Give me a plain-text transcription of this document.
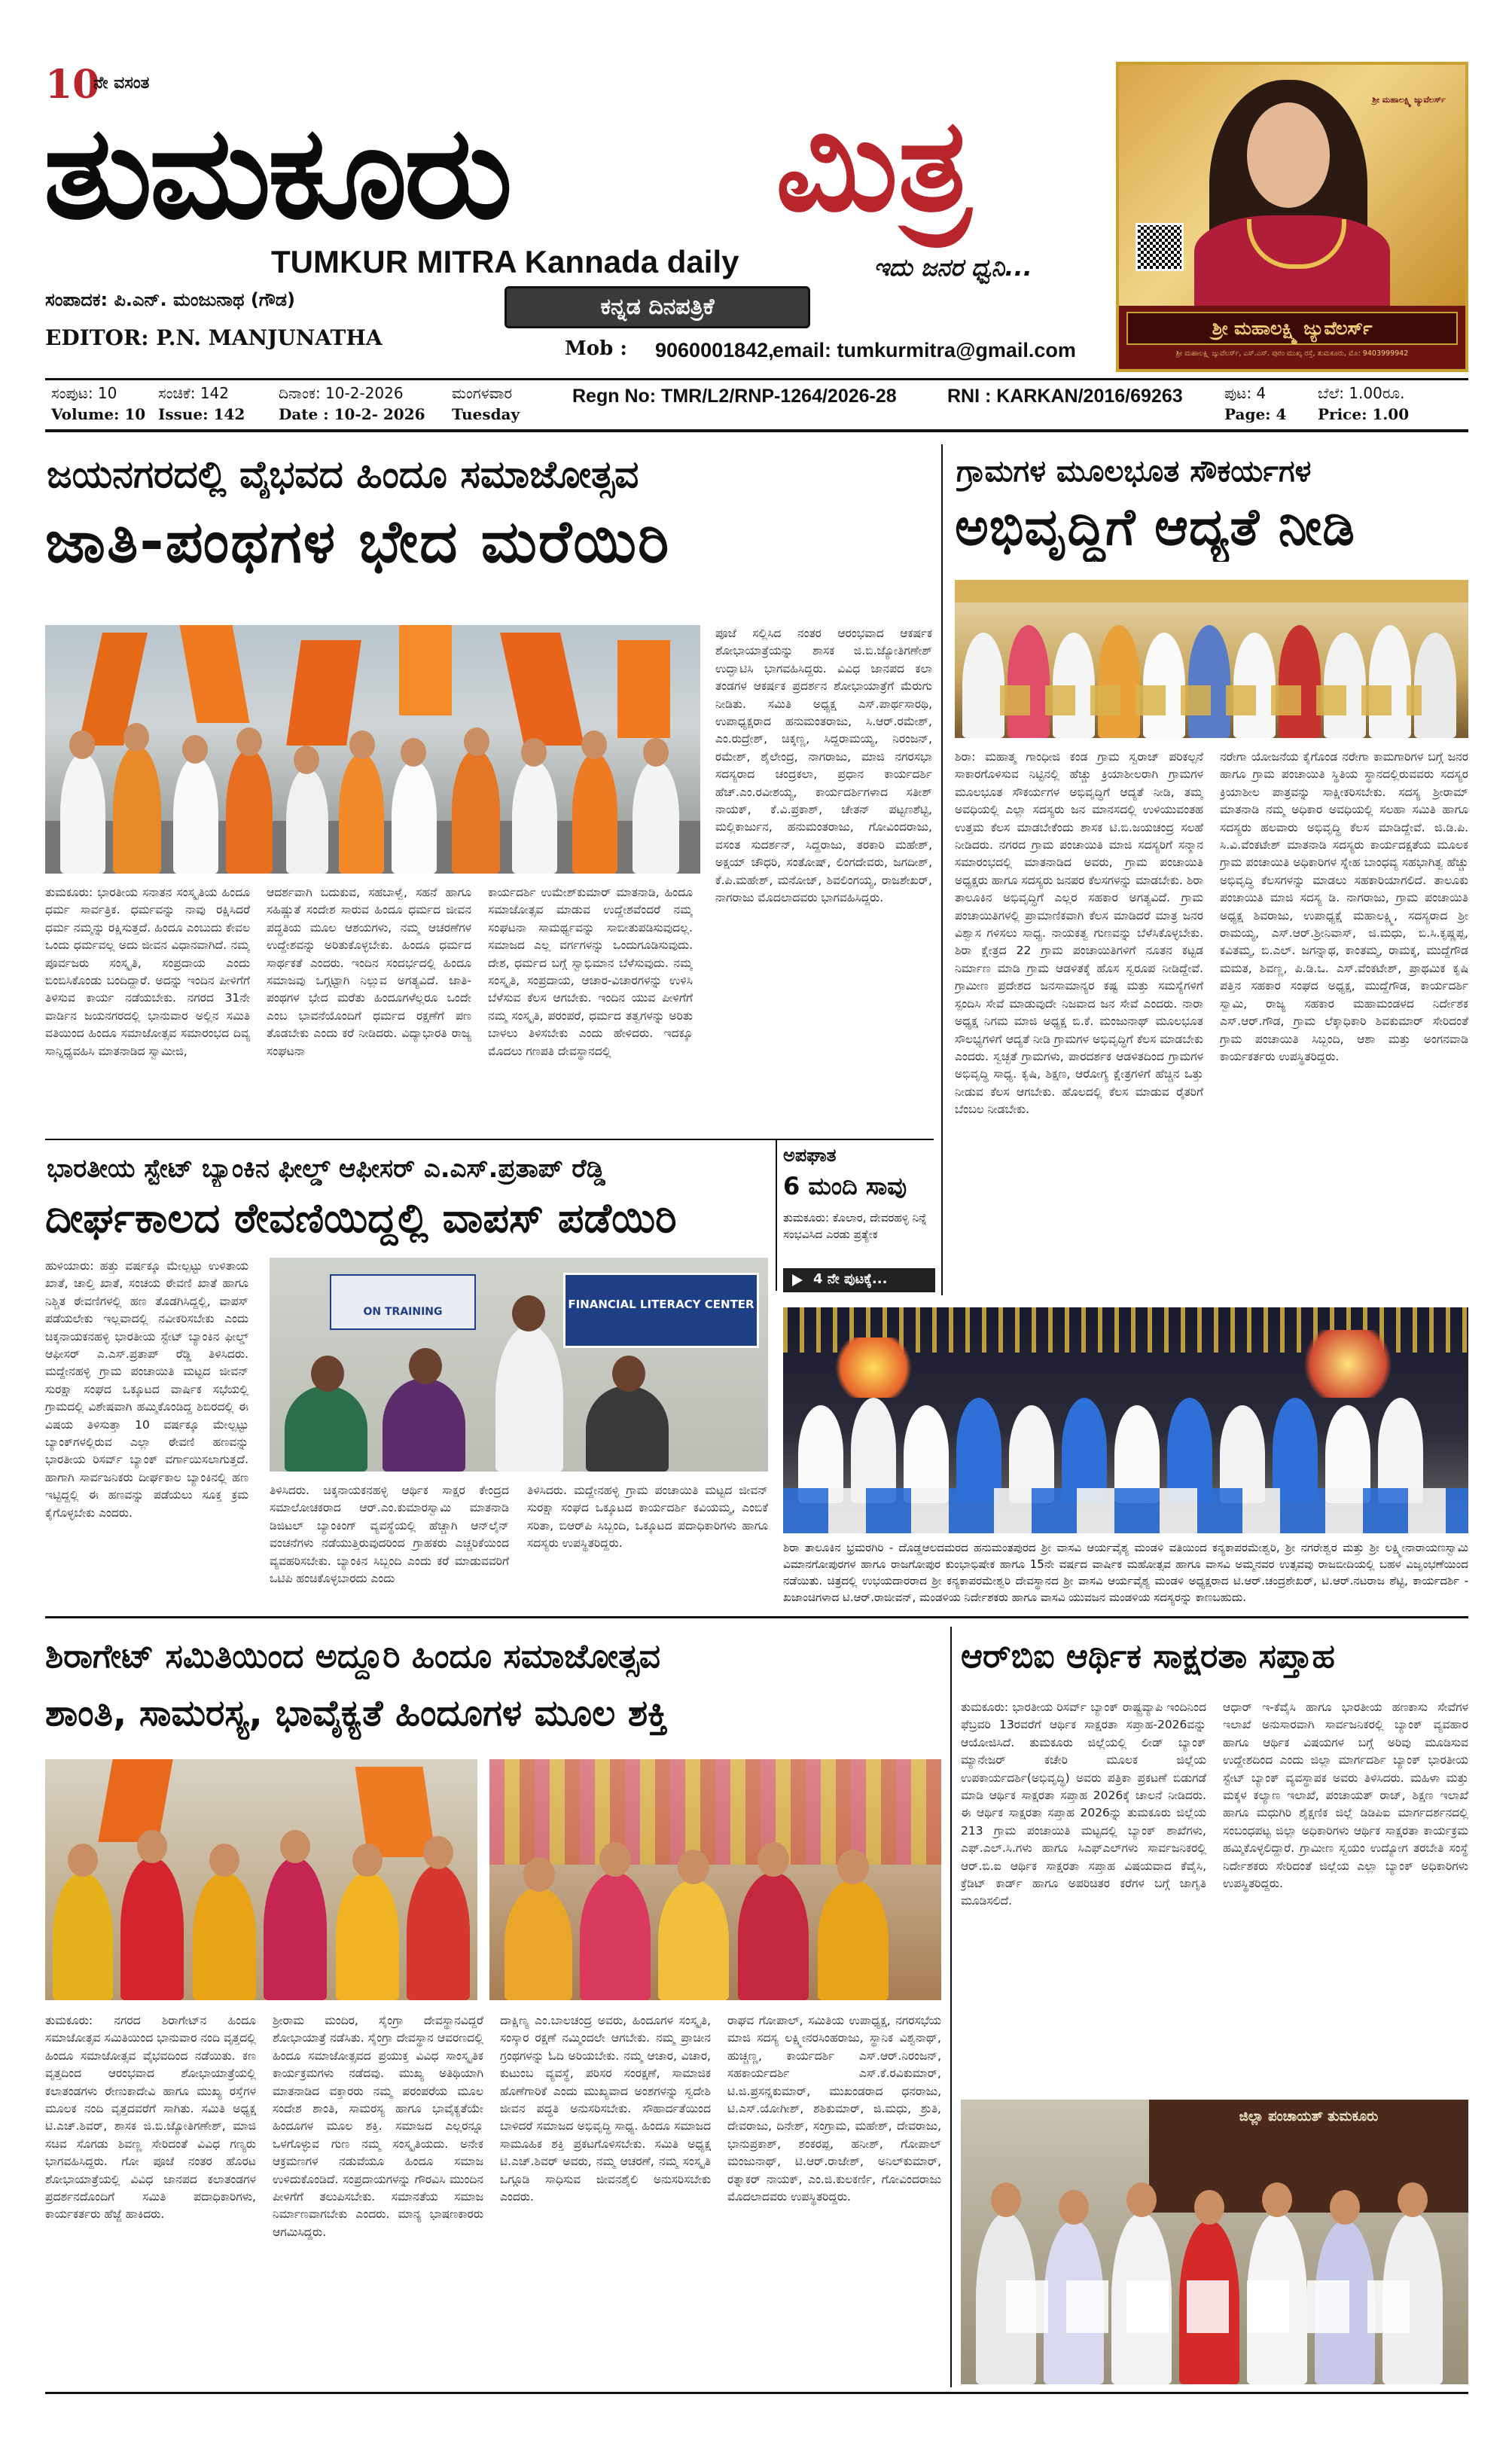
10
ನೇ ವಸಂತ
ತುಮಕೂರು ಮಿತ್ರ
TUMKUR MITRA Kannada daily	ಇದು ಜನರ ಧ್ವನಿ...
ಸಂಪಾದಕ: ಪಿ.ಎನ್. ಮಂಜುನಾಥ (ಗೌಡ)
EDITOR: P.N. MANJUNATHA
ಕನ್ನಡ ದಿನಪತ್ರಿಕೆ
Mob : 9060001842,
email: tumkurmitra@gmail.com
ಶ್ರೀ ಮಹಾಲಕ್ಷ್ಮಿ ಜ್ಯುವೆಲರ್ಸ್
ಶ್ರೀ ಮಹಾಲಕ್ಷ್ಮಿ ಜ್ಯುವೆಲರ್ಸ್
ಶ್ರೀ ಮಹಾಲಕ್ಷ್ಮಿ ಜ್ಯುವೆಲರ್ಸ್, ಎಸ್.ಎಸ್. ಪುರಂ ಮುಖ್ಯ ರಸ್ತೆ, ತುಮಕೂರು, ಮೊ: 9403999942
ಸಂಪುಟ: 10	ಸಂಚಿಕೆ: 142	ದಿನಾಂಕ: 10-2-2026	ಮಂಗಳವಾರ
Volume: 10 Issue: 142 Date : 10-2- 2026 Tuesday
Regn No: TMR/L2/RNP-1264/2026-28	RNI : KARKAN/2016/69263	ಪುಟ: 4	ಬೆಲೆ: 1.00ರೂ.
Page: 4 Price: 1.00
ಜಯನಗರದಲ್ಲಿ ವೈಭವದ ಹಿಂದೂ ಸಮಾಜೋತ್ಸವ
ಜಾತಿ-ಪಂಥಗಳ ಭೇದ ಮರೆಯಿರಿ
ತುಮಕೂರು: ಭಾರತೀಯ ಸನಾತನ ಸಂಸ್ಕೃತಿಯ ಹಿಂದೂ ಧರ್ಮ ಸಾರ್ವತ್ರಿಕ. ಧರ್ಮವನ್ನು ನಾವು ರಕ್ಷಿಸಿದರೆ ಧರ್ಮ ನಮ್ಮನ್ನು ರಕ್ಷಿಸುತ್ತದೆ. ಹಿಂದೂ ಎಂಬುದು ಕೇವಲ ಒಂದು ಧರ್ಮವಲ್ಲ ಅದು ಜೀವನ ವಿಧಾನವಾಗಿದೆ. ನಮ್ಮ ಪೂರ್ವಜರು ಸಂಸ್ಕೃತಿ, ಸಂಪ್ರದಾಯ ಎಂದು ಬಿಂಬಿಸಿಕೊಂಡು ಬಂದಿದ್ದಾರೆ. ಅದನ್ನು ಇಂದಿನ ಪೀಳಿಗೆಗೆ ತಿಳಿಸುವ ಕಾರ್ಯ ನಡೆಯಬೇಕು. ನಗರದ 31ನೇ ವಾರ್ಡಿನ ಜಯನಗರದಲ್ಲಿ ಭಾನುವಾರ ಅಲ್ಲಿನ ಸಮಿತಿ ವತಿಯಿಂದ ಹಿಂದೂ ಸಮಾಜೋತ್ಸವ ಸಮಾರಂಭದ ದಿವ್ಯ ಸಾನ್ನಿಧ್ಯವಹಿಸಿ ಮಾತನಾಡಿದ ಸ್ವಾಮೀಜಿ,
ಆದರ್ಶವಾಗಿ ಬದುಕುವ, ಸಹಬಾಳ್ವೆ, ಸಹನೆ ಹಾಗೂ ಸಹಿಷ್ಣುತೆ ಸಂದೇಶ ಸಾರುವ ಹಿಂದೂ ಧರ್ಮದ ಜೀವನ ಪದ್ಧತಿಯ ಮೂಲ ಆಶಯಗಳು, ನಮ್ಮ ಆಚರಣೆಗಳ ಉದ್ದೇಶವನ್ನು ಅರಿತುಕೊಳ್ಳಬೇಕು. ಹಿಂದೂ ಧರ್ಮದ ಸಾರ್ಥಕತೆ ಎಂದರು. ಇಂದಿನ ಸಂದರ್ಭದಲ್ಲಿ ಹಿಂದೂ ಸಮಾಜವು ಒಗ್ಗಟ್ಟಾಗಿ ನಿಲ್ಲುವ ಅಗತ್ಯವಿದೆ. ಜಾತಿ-ಪಂಥಗಳ ಭೇದ ಮರೆತು ಹಿಂದೂಗಳೆಲ್ಲರೂ ಒಂದೇ ಎಂಬ ಭಾವನೆಯೊಂದಿಗೆ ಧರ್ಮದ ರಕ್ಷಣೆಗೆ ಪಣ ತೊಡಬೇಕು ಎಂದು ಕರೆ ನೀಡಿದರು. ವಿದ್ಯಾಭಾರತಿ ರಾಜ್ಯ ಸಂಘಟನಾ
ಕಾರ್ಯದರ್ಶಿ ಉಮೇಶ್‌ಕುಮಾರ್ ಮಾತನಾಡಿ, ಹಿಂದೂ ಸಮಾಜೋತ್ಸವ ಮಾಡುವ ಉದ್ದೇಶವೆಂದರೆ ನಮ್ಮ ಸಂಘಟನಾ ಸಾಮರ್ಥ್ಯವನ್ನು ಸಾಬೀತುಪಡಿಸುವುದಲ್ಲ. ಸಮಾಜದ ಎಲ್ಲ ವರ್ಗಗಳನ್ನು ಒಂದುಗೂಡಿಸುವುದು. ದೇಶ, ಧರ್ಮದ ಬಗ್ಗೆ ಸ್ವಾಭಿಮಾನ ಬೆಳೆಸುವುದು. ನಮ್ಮ ಸಂಸ್ಕೃತಿ, ಸಂಪ್ರದಾಯ, ಆಚಾರ-ವಿಚಾರಗಳನ್ನು ಉಳಿಸಿ ಬೆಳೆಸುವ ಕೆಲಸ ಆಗಬೇಕು. ಇಂದಿನ ಯುವ ಪೀಳಿಗೆಗೆ ನಮ್ಮ ಸಂಸ್ಕೃತಿ, ಪರಂಪರೆ, ಧರ್ಮದ ತತ್ವಗಳನ್ನು ಅರಿತು ಬಾಳಲು ತಿಳಿಸಬೇಕು ಎಂದು ಹೇಳಿದರು. ಇದಕ್ಕೂ ಮೊದಲು ಗಣಪತಿ ದೇವಸ್ಥಾನದಲ್ಲಿ
ಪೂಜೆ ಸಲ್ಲಿಸಿದ ನಂತರ ಆರಂಭವಾದ ಆಕರ್ಷಕ ಶೋಭಾಯಾತ್ರೆಯನ್ನು ಶಾಸಕ ಜಿ.ಬಿ.ಜ್ಯೋತಿಗಣೇಶ್ ಉದ್ಘಾಟಿಸಿ ಭಾಗವಹಿಸಿದ್ದರು. ವಿವಿಧ ಜಾನಪದ ಕಲಾ ತಂಡಗಳ ಆಕರ್ಷಕ ಪ್ರದರ್ಶನ ಶೋಭಾಯಾತ್ರೆಗೆ ಮೆರುಗು ನೀಡಿತು. ಸಮಿತಿ ಅಧ್ಯಕ್ಷ ಎಸ್.ಪಾರ್ಥಸಾರಥಿ, ಉಪಾಧ್ಯಕ್ಷರಾದ ಹನುಮಂತರಾಜು, ಸಿ.ಆರ್.ರಮೇಶ್, ಎಂ.ರುದ್ರೇಶ್, ಚಿಕ್ಕಣ್ಣ, ಸಿದ್ದರಾಮಯ್ಯ, ನಿರಂಜನ್, ರಮೇಶ್, ಶೈಲೇಂದ್ರ, ನಾಗರಾಜು, ಮಾಜಿ ನಗರಸಭಾ ಸದಸ್ಯರಾದ ಚಂದ್ರಕಲಾ, ಪ್ರಧಾನ ಕಾರ್ಯದರ್ಶಿ ಹೆಚ್.ಎಂ.ರವೀಶಯ್ಯ, ಕಾರ್ಯದರ್ಶಿಗಳಾದ ಸತೀಶ್ ನಾಯಕ್, ಕೆ.ವಿ.ಪ್ರಕಾಶ್, ಚೇತನ್ ಪಟ್ಟಣಶೆಟ್ಟಿ, ಮಲ್ಲಿಕಾರ್ಜುನ, ಹನುಮಂತರಾಜು, ಗೋವಿಂದರಾಜು, ವಸಂತ ಸುದರ್ಶನ್, ಸಿದ್ದರಾಜು, ತರಕಾರಿ ಮಹೇಶ್, ಅಕ್ಷಯ್ ಚೌಧರಿ, ಸಂತೋಷ್, ಲಿಂಗದೇವರು, ಜಗದೀಶ್, ಕೆ.ಪಿ.ಮಹೇಶ್, ಮನೋಜ್, ಶಿವಲಿಂಗಯ್ಯ, ರಾಜಶೇಖರ್, ನಾಗರಾಜು ಮೊದಲಾದವರು ಭಾಗವಹಿಸಿದ್ದರು.
ಗ್ರಾಮಗಳ ಮೂಲಭೂತ ಸೌಕರ್ಯಗಳ
ಅಭಿವೃದ್ಧಿಗೆ ಆದ್ಯತೆ ನೀಡಿ
ಶಿರಾ: ಮಹಾತ್ಮ ಗಾಂಧೀಜಿ ಕಂಡ ಗ್ರಾಮ ಸ್ವರಾಜ್ ಪರಿಕಲ್ಪನೆ ಸಾಕಾರಗೊಳಿಸುವ ನಿಟ್ಟಿನಲ್ಲಿ ಹೆಚ್ಚು ಕ್ರಿಯಾಶೀಲರಾಗಿ ಗ್ರಾಮಗಳ ಮೂಲಭೂತ ಸೌಕರ್ಯಗಳ ಅಭಿವೃದ್ಧಿಗೆ ಆದ್ಯತೆ ನೀಡಿ, ತಮ್ಮ ಅವಧಿಯಲ್ಲಿ ಎಲ್ಲಾ ಸದಸ್ಯರು ಜನ ಮಾನಸದಲ್ಲಿ ಉಳಿಯುವಂತಹ ಉತ್ತಮ ಕೆಲಸ ಮಾಡಬೇಕೆಂದು ಶಾಸಕ ಟಿ.ಬಿ.ಜಯಚಂದ್ರ ಸಲಹೆ ನೀಡಿದರು. ನಗರದ ಗ್ರಾಮ ಪಂಚಾಯಿತಿ ಮಾಜಿ ಸದಸ್ಯರಿಗೆ ಸನ್ಮಾನ ಸಮಾರಂಭದಲ್ಲಿ ಮಾತನಾಡಿದ ಅವರು, ಗ್ರಾಮ ಪಂಚಾಯಿತಿ ಅಧ್ಯಕ್ಷರು ಹಾಗೂ ಸದಸ್ಯರು ಜನಪರ ಕೆಲಸಗಳನ್ನು ಮಾಡಬೇಕು. ಶಿರಾ ತಾಲೂಕಿನ ಅಭಿವೃದ್ಧಿಗೆ ಎಲ್ಲರ ಸಹಕಾರ ಅಗತ್ಯವಿದೆ. ಗ್ರಾಮ ಪಂಚಾಯಿತಿಗಳಲ್ಲಿ ಪ್ರಾಮಾಣಿಕವಾಗಿ ಕೆಲಸ ಮಾಡಿದರೆ ಮಾತ್ರ ಜನರ ವಿಶ್ವಾಸ ಗಳಿಸಲು ಸಾಧ್ಯ. ನಾಯಕತ್ವ ಗುಣವನ್ನು ಬೆಳೆಸಿಕೊಳ್ಳಬೇಕು. ಶಿರಾ ಕ್ಷೇತ್ರದ 22 ಗ್ರಾಮ ಪಂಚಾಯಿತಿಗಳಿಗೆ ನೂತನ ಕಟ್ಟಡ ನಿರ್ಮಾಣ ಮಾಡಿ ಗ್ರಾಮ ಆಡಳಿತಕ್ಕೆ ಹೊಸ ಸ್ವರೂಪ ನೀಡಿದ್ದೇವೆ. ಗ್ರಾಮೀಣ ಪ್ರದೇಶದ ಜನಸಾಮಾನ್ಯರ ಕಷ್ಟ ಮತ್ತು ಸಮಸ್ಯೆಗಳಿಗೆ ಸ್ಪಂದಿಸಿ ಸೇವೆ ಮಾಡುವುದೇ ನಿಜವಾದ ಜನ ಸೇವೆ ಎಂದರು. ನಾರಾ ಅಧ್ಯಕ್ಷ ನಿಗಮ ಮಾಜಿ ಅಧ್ಯಕ್ಷ ಬಿ.ಕೆ. ಮಂಜುನಾಥ್ ಮೂಲಭೂತ ಸೌಲಭ್ಯಗಳಿಗೆ ಆದ್ಯತೆ ನೀಡಿ ಗ್ರಾಮಗಳ ಅಭಿವೃದ್ಧಿಗೆ ಕೆಲಸ ಮಾಡಬೇಕು ಎಂದರು. ಸ್ವಚ್ಛತೆ ಗ್ರಾಮಗಳು, ಪಾರದರ್ಶಕ ಆಡಳಿತದಿಂದ ಗ್ರಾಮಗಳ ಅಭಿವೃದ್ಧಿ ಸಾಧ್ಯ. ಕೃಷಿ, ಶಿಕ್ಷಣ, ಆರೋಗ್ಯ ಕ್ಷೇತ್ರಗಳಿಗೆ ಹೆಚ್ಚಿನ ಒತ್ತು ನೀಡುವ ಕೆಲಸ ಆಗಬೇಕು. ಹೊಲದಲ್ಲಿ ಕೆಲಸ ಮಾಡುವ ರೈತರಿಗೆ ಬೆಂಬಲ ನೀಡಬೇಕು.
ನರೇಗಾ ಯೋಜನೆಯ ಕೈಗೊಂಡ ನರೇಗಾ ಕಾಮಗಾರಿಗಳ ಬಗ್ಗೆ ಜನರ ಹಾಗೂ ಗ್ರಾಮ ಪಂಚಾಯಿತಿ ಸ್ಥಿತಿಯ ಸ್ಥಾನದಲ್ಲಿರುವವರು ಸದಸ್ಯರ ಕ್ರಿಯಾಶೀಲ ಪಾತ್ರವನ್ನು ಸಾಕ್ಷೀಕರಿಸಬೇಕು. ಸದಸ್ಯ ಶ್ರೀರಾಮ್ ಮಾತನಾಡಿ ನಮ್ಮ ಅಧಿಕಾರ ಅವಧಿಯಲ್ಲಿ ಸಲಹಾ ಸಮಿತಿ ಹಾಗೂ ಸದಸ್ಯರು ಹಲವಾರು ಅಭಿವೃದ್ಧಿ ಕೆಲಸ ಮಾಡಿದ್ದೇವೆ. ಜಿ.ಡಿ.ಪಿ. ಸಿ.ವಿ.ವೆಂಕಟೇಶ್ ಮಾತನಾಡಿ ಸದಸ್ಯರು ಕಾರ್ಯದಕ್ಷತೆಯ ಮೂಲಕ ಗ್ರಾಮ ಪಂಚಾಯಿತಿ ಅಧಿಕಾರಿಗಳ ಸ್ನೇಹ ಬಾಂಧವ್ಯ ಸಹಭಾಗಿತ್ವ ಹೆಚ್ಚು ಅಭಿವೃದ್ಧಿ ಕೆಲಸಗಳನ್ನು ಮಾಡಲು ಸಹಕಾರಿಯಾಗಲಿದೆ. ತಾಲೂಕು ಪಂಚಾಯಿತಿ ಮಾಜಿ ಸದಸ್ಯ ಡಿ. ನಾಗರಾಜು, ಗ್ರಾಮ ಪಂಚಾಯಿತಿ ಅಧ್ಯಕ್ಷ ಶಿವರಾಜು, ಉಪಾಧ್ಯಕ್ಷೆ ಮಹಾಲಕ್ಷ್ಮಿ, ಸದಸ್ಯರಾದ ಶ್ರೀ ರಾಮಯ್ಯ, ಎಸ್.ಆರ್.ಶ್ರೀನಿವಾಸ್, ಜಿ.ಮಧು, ಬಿ.ಸಿ.ಕೃಷ್ಣಪ್ಪ, ಕವಿತಮ್ಮ, ಬಿ.ಎಲ್. ಜಗನ್ನಾಥ, ಕಾಂತಮ್ಮ, ರಾಮಕ್ಕ, ಮುದ್ದೆಗೌಡ ಮಮತ, ಶಿವಣ್ಣ, ಪಿ.ಡಿ.ಒ. ಎಸ್.ವೆಂಕಟೇಶ್, ಪ್ರಾಥಮಿಕ ಕೃಷಿ ಪತ್ತಿನ ಸಹಕಾರ ಸಂಘದ ಅಧ್ಯಕ್ಷ, ಮುದ್ದೆಗೌಡ, ಕಾರ್ಯದರ್ಶಿ ಸ್ವಾಮಿ, ರಾಜ್ಯ ಸಹಕಾರ ಮಹಾಮಂಡಳದ ನಿರ್ದೇಶಕ ಎಸ್.ಆರ್.ಗೌಡ, ಗ್ರಾಮ ಲೆಕ್ಕಾಧಿಕಾರಿ ಶಿವಕುಮಾರ್ ಸೇರಿದಂತೆ ಗ್ರಾಮ ಪಂಚಾಯಿತಿ ಸಿಬ್ಬಂದಿ, ಆಶಾ ಮತ್ತು ಅಂಗನವಾಡಿ ಕಾರ್ಯಕರ್ತರು ಉಪಸ್ಥಿತರಿದ್ದರು.
ಭಾರತೀಯ ಸ್ಟೇಟ್ ಬ್ಯಾಂಕಿನ ಫೀಲ್ಡ್ ಆಫೀಸರ್ ಎ.ಎಸ್.ಪ್ರತಾಪ್ ರೆಡ್ಡಿ
ದೀರ್ಘಕಾಲದ ಠೇವಣಿಯಿದ್ದಲ್ಲಿ ವಾಪಸ್ ಪಡೆಯಿರಿ
ಹುಳಿಯಾರು: ಹತ್ತು ವರ್ಷಕ್ಕೂ ಮೇಲ್ಪಟ್ಟು ಉಳಿತಾಯ ಖಾತೆ, ಚಾಲ್ತಿ ಖಾತೆ, ಸಂಚಯ ಠೇವಣಿ ಖಾತೆ ಹಾಗೂ ನಿಶ್ಚಿತ ಠೇವಣಿಗಳಲ್ಲಿ ಹಣ ತೊಡಗಿಸಿದ್ದಲ್ಲಿ, ವಾಪಸ್ ಪಡೆಯಲೇಕು ಇಲ್ಲವಾದಲ್ಲಿ ನವೀಕರಿಸಬೇಕು ಎಂದು ಚಿಕ್ಕನಾಯಕನಹಳ್ಳಿ ಭಾರತೀಯ ಸ್ಟೇಟ್ ಬ್ಯಾಂಕಿನ ಫೀಲ್ಡ್ ಆಫೀಸರ್ ಎ.ಎಸ್.ಪ್ರತಾಪ್ ರೆಡ್ಡಿ ತಿಳಿಸಿದರು. ಮದ್ದೇನಹಳ್ಳಿ ಗ್ರಾಮ ಪಂಚಾಯಿತಿ ಮಟ್ಟದ ಜೀವನ್ ಸುರಕ್ಷಾ ಸಂಘದ ಒಕ್ಕೂಟದ ವಾರ್ಷಿಕ ಸಭೆಯಲ್ಲಿ ಗ್ರಾಮದಲ್ಲಿ ವಿಶೇಷವಾಗಿ ಹಮ್ಮಿಕೊಂಡಿದ್ದ ಶಿಬಿರದಲ್ಲಿ ಈ ವಿಷಯ ತಿಳಿಸುತ್ತಾ 10 ವರ್ಷಕ್ಕೂ ಮೇಲ್ಪಟ್ಟು ಬ್ಯಾಂಕ್‌ಗಳಲ್ಲಿರುವ ಎಲ್ಲಾ ಠೇವಣಿ ಹಣವನ್ನು ಭಾರತೀಯ ರಿಸರ್ವ್ ಬ್ಯಾಂಕ್ ವರ್ಗಾಯಿಸಲಾಗುತ್ತದೆ. ಹಾಗಾಗಿ ಸಾರ್ವಜನಿಕರು ದೀರ್ಘಕಾಲ ಬ್ಯಾಂಕಿನಲ್ಲಿ ಹಣ ಇಟ್ಟಿದ್ದಲ್ಲಿ ಈ ಹಣವನ್ನು ಪಡೆಯಲು ಸೂಕ್ತ ಕ್ರಮ ಕೈಗೊಳ್ಳಬೇಕು ಎಂದರು.
FINANCIAL LITERACY CENTER
ON TRAINING
ತಿಳಿಸಿದರು. ಚಿಕ್ಕನಾಯಕನಹಳ್ಳಿ ಆರ್ಥಿಕ ಸಾಕ್ಷರ ಕೇಂದ್ರದ ಸಮಾಲೋಚಕರಾದ ಆರ್.ಎಂ.ಕುಮಾರಸ್ವಾಮಿ ಮಾತನಾಡಿ ಡಿಜಿಟಲ್ ಬ್ಯಾಂಕಿಂಗ್ ವ್ಯವಸ್ಥೆಯಲ್ಲಿ ಹೆಚ್ಚಾಗಿ ಆನ್‌ಲೈನ್ ವಂಚನೆಗಳು ನಡೆಯುತ್ತಿರುವುದರಿಂದ ಗ್ರಾಹಕರು ಎಚ್ಚರಿಕೆಯಿಂದ ವ್ಯವಹರಿಸಬೇಕು. ಬ್ಯಾಂಕಿನ ಸಿಬ್ಬಂದಿ ಎಂದು ಕರೆ ಮಾಡುವವರಿಗೆ ಒಟಿಪಿ ಹಂಚಿಕೊಳ್ಳಬಾರದು ಎಂದು
ತಿಳಿಸಿದರು. ಮದ್ದೇನಹಳ್ಳಿ ಗ್ರಾಮ ಪಂಚಾಯಿತಿ ಮಟ್ಟದ ಜೀವನ್ ಸುರಕ್ಷಾ ಸಂಘದ ಒಕ್ಕೂಟದ ಕಾರ್ಯದರ್ಶಿ ಕವಿಯಮ್ಮ, ಎಂಬಿಕೆ ಸರಿತಾ, ಬಿಆರ್‌ಪಿ ಸಿಬ್ಬಂದಿ, ಒಕ್ಕೂಟದ ಪದಾಧಿಕಾರಿಗಳು ಹಾಗೂ ಸದಸ್ಯರು ಉಪಸ್ಥಿತರಿದ್ದರು.
ಅಪಘಾತ
6 ಮಂದಿ ಸಾವು
ತುಮಕೂರು: ಕೊಲಾರ, ದೇವರಹಳ್ಳಿ ನಿನ್ನೆ ಸಂಭವಿಸಿದ ಎರಡು ಪ್ರತ್ಯೇಕ
4 ನೇ ಪುಟಕ್ಕೆ...
ಶಿರಾ ತಾಲೂಕಿನ ಭ್ರಮರಗಿರಿ - ದೊಡ್ಡಆಲದಮರದ ಹನುಮಂತಪುರದ ಶ್ರೀ ವಾಸವಿ ಆರ್ಯವೈಶ್ಯ ಮಂಡಳಿ ವತಿಯಿಂದ ಕನ್ಯಕಾಪರಮೇಶ್ವರಿ, ಶ್ರೀ ನಗರೇಶ್ವರ ಮತ್ತು ಶ್ರೀ ಲಕ್ಷ್ಮೀನಾರಾಯಣಸ್ವಾಮಿ ವಿಮಾನಗೋಪುರಗಳ ಹಾಗೂ ರಾಜಗೋಪುರ ಕುಂಭಾಭಿಷೇಕ ಹಾಗೂ 15ನೇ ವರ್ಷದ ವಾರ್ಷಿಕ ಮಹೋತ್ಸವ ಹಾಗೂ ವಾಸವಿ ಅಮ್ಮನವರ ಉತ್ಸವವು ರಾಜಬೀದಿಯಲ್ಲಿ ಬಹಳ ವಿಜೃಂಭಣೆಯಿಂದ ನಡೆಯಿತು. ಚಿತ್ರದಲ್ಲಿ ಉಭಯದಾರರಾದ ಶ್ರೀ ಕನ್ಯಕಾಪರಮೇಶ್ವರಿ ದೇವಸ್ಥಾನದ ಶ್ರೀ ವಾಸವಿ ಆರ್ಯವೈಶ್ಯ ಮಂಡಳಿ ಅಧ್ಯಕ್ಷರಾದ ಟಿ.ಆರ್.ಚಂದ್ರಶೇಖರ್, ಟಿ.ಆರ್.ನಟರಾಜ ಶೆಟ್ಟಿ, ಕಾರ್ಯದರ್ಶಿ - ಖಜಾಂಚಿಗಳಾದ ಟಿ.ಆರ್.ರಾಜೀವನ್, ಮಂಡಳಿಯ ನಿರ್ದೇಶಕರು ಹಾಗೂ ವಾಸವಿ ಯುವಜನ ಮಂಡಳಿಯ ಸದಸ್ಯರನ್ನು ಕಾಣಬಹುದು.
ಶಿರಾಗೇಟ್ ಸಮಿತಿಯಿಂದ ಅದ್ದೂರಿ ಹಿಂದೂ ಸಮಾಜೋತ್ಸವ
ಶಾಂತಿ, ಸಾಮರಸ್ಯ, ಭಾವೈಕ್ಯತೆ ಹಿಂದೂಗಳ ಮೂಲ ಶಕ್ತಿ
ತುಮಕೂರು: ನಗರದ ಶಿರಾಗೇಟ್‌ನ ಹಿಂದೂ ಸಮಾಜೋತ್ಸವ ಸಮಿತಿಯಿಂದ ಭಾನುವಾರ ನಂದಿ ವೃತ್ತದಲ್ಲಿ ಹಿಂದೂ ಸಮಾಜೋತ್ಸವ ವೈಭವದಿಂದ ನಡೆಯಿತು. ಕಣ ವೃತ್ತದಿಂದ ಆರಂಭವಾದ ಶೋಭಾಯಾತ್ರೆಯಲ್ಲಿ ಕಲಾತಂಡಗಳು ರೇಣುಕಾದೇವಿ ಹಾಗೂ ಮುಖ್ಯ ರಸ್ತೆಗಳ ಮೂಲಕ ನಂದಿ ವೃತ್ತದವರೆಗೆ ಸಾಗಿತು. ಸಮಿತಿ ಅಧ್ಯಕ್ಷ ಟಿ.ಎಚ್.ಶಿವರ್, ಶಾಸಕ ಜಿ.ಬಿ.ಜ್ಯೋತಿಗಣೇಶ್, ಮಾಜಿ ಸಚಿವ ಸೊಗಡು ಶಿವಣ್ಣ ಸೇರಿದಂತೆ ವಿವಿಧ ಗಣ್ಯರು ಭಾಗವಹಿಸಿದ್ದರು. ಗೋ ಪೂಜೆ ನಂತರ ಹೊರಟ ಶೋಭಾಯಾತ್ರೆಯಲ್ಲಿ ವಿವಿಧ ಜಾನಪದ ಕಲಾತಂಡಗಳ ಪ್ರದರ್ಶನದೊಂದಿಗೆ ಸಮಿತಿ ಪದಾಧಿಕಾರಿಗಳು, ಕಾರ್ಯಕರ್ತರು ಹೆಜ್ಜೆ ಹಾಕಿದರು.
ಶ್ರೀರಾಮ ಮಂದಿರ, ಸೈಂಗ್ರಾ ದೇವಸ್ಥಾನವಿದ್ದರೆ ಶೋಭಾಯಾತ್ರೆ ನಡೆಸಿತು. ಸೈಂಗ್ರಾ ದೇವಸ್ಥಾನ ಆವರಣದಲ್ಲಿ ಹಿಂದೂ ಸಮಾಜೋತ್ಸವದ ಪ್ರಯುಕ್ತ ವಿವಿಧ ಸಾಂಸ್ಕೃತಿಕ ಕಾರ್ಯಕ್ರಮಗಳು ನಡೆದವು. ಮುಖ್ಯ ಅತಿಥಿಯಾಗಿ ಮಾತನಾಡಿದ ವಕ್ತಾರರು ನಮ್ಮ ಪರಂಪರೆಯ ಮೂಲ ಸಂದೇಶ ಶಾಂತಿ, ಸಾಮರಸ್ಯ ಹಾಗೂ ಭಾವೈಕ್ಯತೆಯೇ ಹಿಂದೂಗಳ ಮೂಲ ಶಕ್ತಿ. ಸಮಾಜದ ಎಲ್ಲರನ್ನೂ ಒಳಗೊಳ್ಳುವ ಗುಣ ನಮ್ಮ ಸಂಸ್ಕೃತಿಯದು. ಅನೇಕ ಆಕ್ರಮಣಗಳ ನಡುವೆಯೂ ಹಿಂದೂ ಸಮಾಜ ಉಳಿದುಕೊಂಡಿದೆ. ಸಂಪ್ರದಾಯಗಳನ್ನು ಗೌರವಿಸಿ ಮುಂದಿನ ಪೀಳಿಗೆಗೆ ತಲುಪಿಸಬೇಕು. ಸಮಾನತೆಯ ಸಮಾಜ ನಿರ್ಮಾಣವಾಗಬೇಕು ಎಂದರು. ಮಾನ್ಯ ಭಾಷಣಕಾರರು ಆಗಮಿಸಿದ್ದರು.
ದಾಕ್ಷಿಣ್ಯ ಎಂ.ಬಾಲಚಂದ್ರ ಅವರು, ಹಿಂದೂಗಳ ಸಂಸ್ಕೃತಿ, ಸಂಸ್ಕಾರ ರಕ್ಷಣೆ ನಮ್ಮಿಂದಲೇ ಆಗಬೇಕು. ನಮ್ಮ ಪ್ರಾಚೀನ ಗ್ರಂಥಗಳನ್ನು ಓದಿ ಅರಿಯಬೇಕು. ನಮ್ಮ ಆಚಾರ, ವಿಚಾರ, ಕುಟುಂಬ ವ್ಯವಸ್ಥೆ, ಪರಿಸರ ಸಂರಕ್ಷಣೆ, ಸಾಮಾಜಿಕ ಹೊಣೆಗಾರಿಕೆ ಎಂದು ಮುಖ್ಯವಾದ ಅಂಶಗಳನ್ನು ಸ್ವದೇಶಿ ಜೀವನ ಪದ್ಧತಿ ಅನುಸರಿಸಬೇಕು. ಸೌಹಾರ್ದತೆಯಿಂದ ಬಾಳಿದರೆ ಸಮಾಜದ ಅಭಿವೃದ್ಧಿ ಸಾಧ್ಯ. ಹಿಂದೂ ಸಮಾಜದ ಸಾಮೂಹಿಕ ಶಕ್ತಿ ಪ್ರಕಟಗೊಳಿಸಬೇಕು. ಸಮಿತಿ ಅಧ್ಯಕ್ಷ ಟಿ.ಎಚ್.ಶಿವರ್ ಅವರು, ನಮ್ಮ ಆಚರಣೆ, ನಮ್ಮ ಸಂಸ್ಕೃತಿ ಒಗ್ಗೂಡಿ ಸಾಧಿಸುವ ಜೀವನಶೈಲಿ ಅನುಸರಿಸಬೇಕು ಎಂದರು.
ರಾಘವ ಗೋಪಾಲ್, ಸಮಿತಿಯ ಉಪಾಧ್ಯಕ್ಷ, ನಗರಸಭೆಯ ಮಾಜಿ ಸದಸ್ಯ ಲಕ್ಷ್ಮೀನರಸಿಂಹರಾಜು, ಸ್ಥಾನಿಕ ವಿಶ್ವನಾಥ್, ಹುಚ್ಚಣ್ಣ, ಕಾರ್ಯದರ್ಶಿ ಎಸ್.ಆರ್.ನಿರಂಜನ್, ಸಹಕಾರ್ಯದರ್ಶಿ ಎಸ್.ಕೆ.ರವಿಕುಮಾರ್, ಟಿ.ಜಿ.ಪ್ರಸನ್ನಕುಮಾರ್, ಮುಖಂಡರಾದ ಧನರಾಜು, ಟಿ.ಎಸ್.ಯೋಗೀಶ್, ಶಶಿಕುಮಾರ್, ಜಿ.ಮಧು, ಶ್ರುತಿ, ದೇವರಾಜು, ದಿನೇಶ್, ಸಂಗ್ರಾಮ, ಮಹೇಶ್, ದೇವರಾಜು, ಭಾನುಪ್ರಕಾಶ್, ಶಂಕರಪ್ಪ, ಹನೀಶ್, ಗೋಪಾಲ್ ಮಂಜುನಾಥ್, ಟಿ.ಆರ್.ರಾಜೇಶ್, ಅನಿಲ್‌ಕುಮಾರ್, ರತ್ನಾಕರ್ ನಾಯಕ್, ಎಂ.ಜಿ.ಕುಲಕರ್ಣಿ, ಗೋವಿಂದರಾಜು ಮೊದಲಾದವರು ಉಪಸ್ಥಿತರಿದ್ದರು.
ಆರ್‌ಬಿಐ ಆರ್ಥಿಕ ಸಾಕ್ಷರತಾ ಸಪ್ತಾಹ
ತುಮಕೂರು: ಭಾರತೀಯ ರಿಸರ್ವ್ ಬ್ಯಾಂಕ್ ರಾಷ್ಟ್ರವ್ಯಾಪಿ ಇಂದಿನಿಂದ ಫೆಬ್ರವರಿ 13ರವರೆಗೆ ಆರ್ಥಿಕ ಸಾಕ್ಷರತಾ ಸಪ್ತಾಹ-2026ವನ್ನು ಆಯೋಜಿಸಿದೆ. ತುಮಕೂರು ಜಿಲ್ಲೆಯಲ್ಲಿ ಲೀಡ್ ಬ್ಯಾಂಕ್ ಮ್ಯಾನೇಜರ್ ಕಚೇರಿ ಮೂಲಕ ಜಿಲ್ಲೆಯ ಉಪಕಾರ್ಯದರ್ಶಿ(ಅಭಿವೃದ್ಧಿ) ಅವರು ಪತ್ರಿಕಾ ಪ್ರಕಟಣೆ ಬಿಡುಗಡೆ ಮಾಡಿ ಆರ್ಥಿಕ ಸಾಕ್ಷರತಾ ಸಪ್ತಾಹ 2026ಕ್ಕೆ ಚಾಲನೆ ನೀಡಿದರು. ಈ ಆರ್ಥಿಕ ಸಾಕ್ಷರತಾ ಸಪ್ತಾಹ 2026ನ್ನು ತುಮಕೂರು ಜಿಲ್ಲೆಯ 213 ಗ್ರಾಮ ಪಂಚಾಯಿತಿ ಮಟ್ಟದಲ್ಲಿ ಬ್ಯಾಂಕ್ ಶಾಖೆಗಳು, ಎಫ್.ಎಲ್.ಸಿ.ಗಳು ಹಾಗೂ ಸಿಎಫ್‌ಎಲ್‌ಗಳು ಸಾರ್ವಜನಿಕರಲ್ಲಿ ಆರ್.ಬಿ.ಐ ಆರ್ಥಿಕ ಸಾಕ್ಷರತಾ ಸಪ್ತಾಹ ವಿಷಯವಾದ ಕೆವೈಸಿ, ಕ್ರೆಡಿಟ್ ಕಾರ್ಡ್ ಹಾಗೂ ಅಪರಿಚಿತರ ಕರೆಗಳ ಬಗ್ಗೆ ಜಾಗೃತಿ ಮೂಡಿಸಲಿದೆ.
ಆಧಾರ್ ಇ-ಕೆವೈಸಿ ಹಾಗೂ ಭಾರತೀಯ ಹಣಕಾಸು ಸೇವೆಗಳ ಇಲಾಖೆ ಅನುಸಾರವಾಗಿ ಸಾರ್ವಜನಿಕರಲ್ಲಿ ಬ್ಯಾಂಕ್ ವ್ಯವಹಾರ ಹಾಗೂ ಆರ್ಥಿಕ ವಿಷಯಗಳ ಬಗ್ಗೆ ಅರಿವು ಮೂಡಿಸುವ ಉದ್ದೇಶದಿಂದ ಎಂದು ಜಿಲ್ಲಾ ಮಾರ್ಗದರ್ಶಿ ಬ್ಯಾಂಕ್ ಭಾರತೀಯ ಸ್ಟೇಟ್ ಬ್ಯಾಂಕ್ ವ್ಯವಸ್ಥಾಪಕ ಅವರು ತಿಳಿಸಿದರು. ಮಹಿಳಾ ಮತ್ತು ಮಕ್ಕಳ ಕಲ್ಯಾಣ ಇಲಾಖೆ, ಪಂಚಾಯತ್ ರಾಜ್, ಶಿಕ್ಷಣ ಇಲಾಖೆ ಹಾಗೂ ಮಧುಗಿರಿ ಶೈಕ್ಷಣಿಕ ಜಿಲ್ಲೆ ಡಿಡಿಪಿಐ ಮಾರ್ಗದರ್ಶನದಲ್ಲಿ ಸಂಬಂಧಪಟ್ಟ ಜಿಲ್ಲಾ ಅಧಿಕಾರಿಗಳು ಆರ್ಥಿಕ ಸಾಕ್ಷರತಾ ಕಾರ್ಯಕ್ರಮ ಹಮ್ಮಿಕೊಳ್ಳಲಿದ್ದಾರೆ. ಗ್ರಾಮೀಣ ಸ್ವಯಂ ಉದ್ಯೋಗ ತರಬೇತಿ ಸಂಸ್ಥೆ ನಿರ್ದೇಶಕರು ಸೇರಿದಂತೆ ಜಿಲ್ಲೆಯ ಎಲ್ಲಾ ಬ್ಯಾಂಕ್ ಅಧಿಕಾರಿಗಳು ಉಪಸ್ಥಿತರಿದ್ದರು.
ಜಿಲ್ಲಾ ಪಂಚಾಯತ್ ತುಮಕೂರು
